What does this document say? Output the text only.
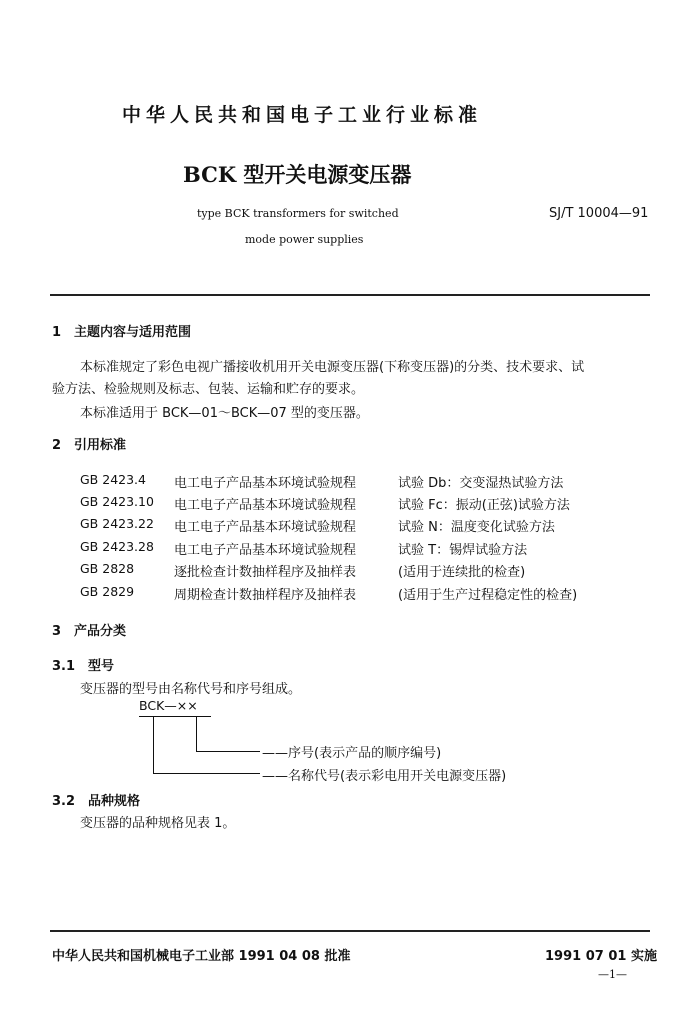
中华人民共和国电子工业行业标准
BCK 型开关电源变压器
type BCK transformers for switched
mode power supplies
SJ/T 10004—91
1　主题内容与适用范围
本标准规定了彩色电视广播接收机用开关电源变压器(下称变压器)的分类、技术要求、试
验方法、检验规则及标志、包装、运输和贮存的要求。
本标准适用于 BCK—01～BCK—07 型的变压器。
2　引用标准
GB 2423.4 电工电子产品基本环境试验规程	试验 Db：交变湿热试验方法
GB 2423.10 电工电子产品基本环境试验规程	试验 Fc：振动(正弦)试验方法
GB 2423.22 电工电子产品基本环境试验规程	试验 N：温度变化试验方法
GB 2423.28 电工电子产品基本环境试验规程	试验 T：锡焊试验方法
GB 2828	逐批检查计数抽样程序及抽样表	(适用于连续批的检查)
GB 2829	周期检查计数抽样程序及抽样表	(适用于生产过程稳定性的检查)
3　产品分类
3.1　型号
变压器的型号由名称代号和序号组成。
BCK—××
——序号(表示产品的顺序编号)
——名称代号(表示彩电用开关电源变压器)
3.2　品种规格
变压器的品种规格见表 1。
中华人民共和国机械电子工业部 1991 04 08 批准	1991 07 01 实施
—1—
